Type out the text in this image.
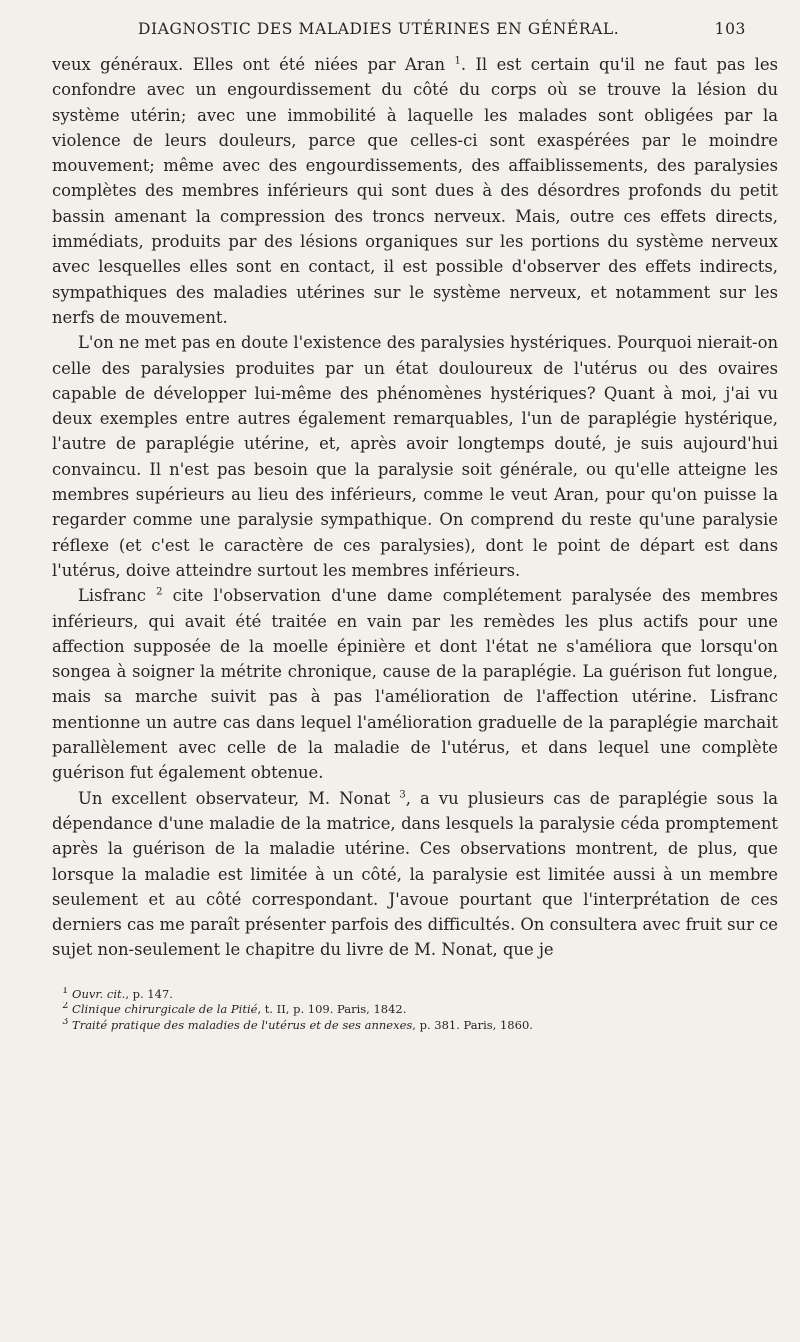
DIAGNOSTIC DES MALADIES UTÉRINES EN GÉNÉRAL.	103

veux généraux. Elles ont été niées par Aran $^1$. Il est certain qu'il ne faut pas les confondre avec un engourdissement du côté du corps où se trouve la lésion du système utérin; avec une immobilité à laquelle les malades sont obligées par la violence de leurs douleurs, parce que celles-ci sont exaspérées par le moindre mouvement; même avec des engourdissements, des affaiblissements, des paralysies complètes des membres inférieurs qui sont dues à des désordres profonds du petit bassin amenant la compression des troncs nerveux. Mais, outre ces effets directs, immédiats, produits par des lésions organiques sur les portions du système nerveux avec lesquelles elles sont en contact, il est possible d'observer des effets indirects, sympathiques des maladies utérines sur le système nerveux, et notamment sur les nerfs de mouvement.

L'on ne met pas en doute l'existence des paralysies hystériques. Pourquoi nierait-on celle des paralysies produites par un état douloureux de l'utérus ou des ovaires capable de développer lui-même des phénomènes hystériques? Quant à moi, j'ai vu deux exemples entre autres également remarquables, l'un de paraplégie hystérique, l'autre de paraplégie utérine, et, après avoir longtemps douté, je suis aujourd'hui convaincu. Il n'est pas besoin que la paralysie soit générale, ou qu'elle atteigne les membres supérieurs au lieu des inférieurs, comme le veut Aran, pour qu'on puisse la regarder comme une paralysie sympathique. On comprend du reste qu'une paralysie réflexe (et c'est le caractère de ces paralysies), dont le point de départ est dans l'utérus, doive atteindre surtout les membres inférieurs.

Lisfranc $^2$ cite l'observation d'une dame complétement paralysée des membres inférieurs, qui avait été traitée en vain par les remèdes les plus actifs pour une affection supposée de la moelle épinière et dont l'état ne s'améliora que lorsqu'on songea à soigner la métrite chronique, cause de la paraplégie. La guérison fut longue, mais sa marche suivit pas à pas l'amélioration de l'affection utérine. Lisfranc mentionne un autre cas dans lequel l'amélioration graduelle de la paraplégie marchait parallèlement avec celle de la maladie de l'utérus, et dans lequel une complète guérison fut également obtenue.

Un excellent observateur, M. Nonat $^3$, a vu plusieurs cas de paraplégie sous la dépendance d'une maladie de la matrice, dans lesquels la paralysie céda promptement après la guérison de la maladie utérine. Ces observations montrent, de plus, que lorsque la maladie est limitée à un côté, la paralysie est limitée aussi à un membre seulement et au côté correspondant. J'avoue pourtant que l'interprétation de ces derniers cas me paraît présenter parfois des difficultés. On consultera avec fruit sur ce sujet non-seulement le chapitre du livre de M. Nonat, que je

$^1$ Ouvr. cit., p. 147.

$^2$ Clinique chirurgicale de la Pitié, t. II, p. 109. Paris, 1842.

$^3$ Traité pratique des maladies de l'utérus et de ses annexes, p. 381. Paris, 1860.
